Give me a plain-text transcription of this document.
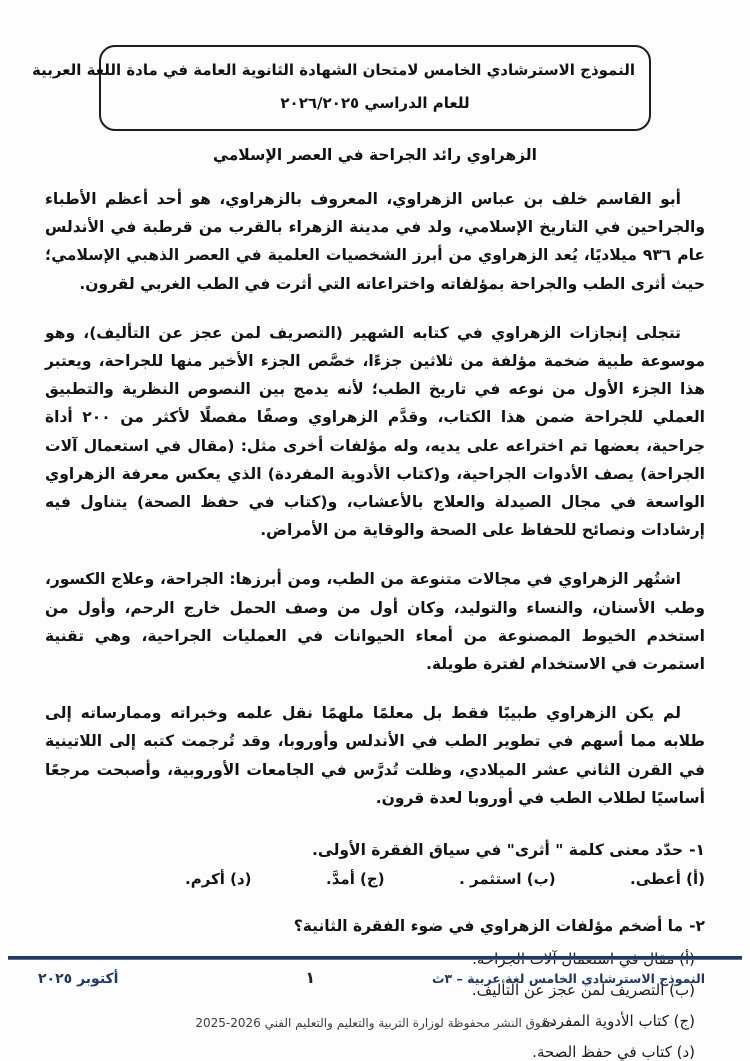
النموذج الاسترشادي الخامس لامتحان الشهادة الثانوية العامة في مادة اللغة العربية
للعام الدراسي ٢٠٢٦/٢٠٢٥
الزهراوي رائد الجراحة في العصر الإسلامي
أبو القاسم خلف بن عباس الزهراوي، المعروف بالزهراوي، هو أحد أعظم الأطباء والجراحين في التاريخ الإسلامي، ولد في مدينة الزهراء بالقرب من قرطبة في الأندلس عام ٩٣٦ ميلاديًا، يُعد الزهراوي من أبرز الشخصيات العلمية في العصر الذهبي الإسلامي؛ حيث أثرى الطب والجراحة بمؤلفاته واختراعاته التي أثرت في الطب الغربي لقرون.
تتجلى إنجازات الزهراوي في كتابه الشهير (التصريف لمن عجز عن التأليف)، وهو موسوعة طبية ضخمة مؤلفة من ثلاثين جزءًا، خصَّص الجزء الأخير منها للجراحة، ويعتبر هذا الجزء الأول من نوعه في تاريخ الطب؛ لأنه يدمج بين النصوص النظرية والتطبيق العملي للجراحة ضمن هذا الكتاب، وقدَّم الزهراوي وصفًا مفصلًا لأكثر من ٢٠٠ أداة جراحية، بعضها تم اختراعه على يديه، وله مؤلفات أخرى مثل: (مقال في استعمال آلات الجراحة) يصف الأدوات الجراحية، و(كتاب الأدوية المفردة) الذي يعكس معرفة الزهراوي الواسعة في مجال الصيدلة والعلاج بالأعشاب، و(كتاب في حفظ الصحة) يتناول فيه إرشادات ونصائح للحفاظ على الصحة والوقاية من الأمراض.
اشتُهر الزهراوي في مجالات متنوعة من الطب، ومن أبرزها: الجراحة، وعلاج الكسور، وطب الأسنان، والنساء والتوليد، وكان أول من وصف الحمل خارج الرحم، وأول من استخدم الخيوط المصنوعة من أمعاء الحيوانات في العمليات الجراحية، وهي تقنية استمرت في الاستخدام لفترة طويلة.
لم يكن الزهراوي طبيبًا فقط بل معلمًا ملهمًا نقل علمه وخبراته وممارساته إلى طلابه مما أسهم في تطوير الطب في الأندلس وأوروبا، وقد تُرجمت كتبه إلى اللاتينية في القرن الثاني عشر الميلادي، وظلت تُدرَّس في الجامعات الأوروبية، وأصبحت مرجعًا أساسيًا لطلاب الطب في أوروبا لعدة قرون.
١-حدّد معنى كلمة " أثرى" في سياق الفقرة الأولى.
(أ) أعطى.
(ب) استثمر .
(ج) أمدَّ.
(د) أكرم.
٢-ما أضخم مؤلفات الزهراوي في ضوء الفقرة الثانية؟
(ب) التصريف لمن عجز عن التأليف.
(ج) كتاب الأدوية المفردة
(د) كتاب في حفظ الصحة.
النموذج الاسترشادي الخامس لغة عربية – ٣ث
١
أكتوبر ٢٠٢٥
حقوق النشر محفوظة لوزارة التربية والتعليم والتعليم الفني 2026-2025
